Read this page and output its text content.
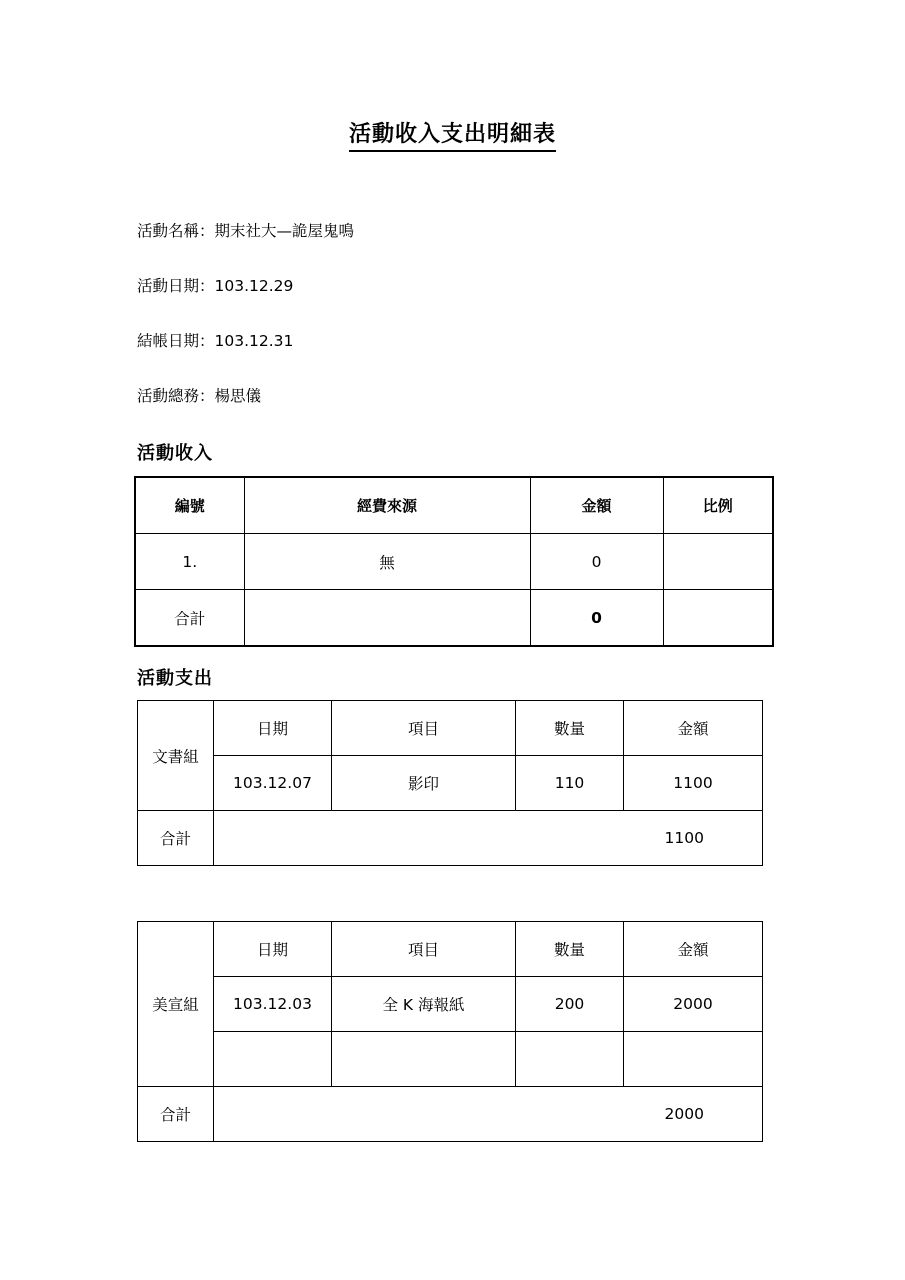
活動收入支出明細表
活動名稱：期末社大—詭屋鬼鳴
活動日期：103.12.29
結帳日期：103.12.31
活動總務：楊思儀
活動收入
編號	經費來源	金額	比例
1.	無	0	
合計		0	
活動支出
文書組	日期	項目	數量	金額
	103.12.07	影印	110	1100
合計	1100			
美宣組	日期	項目	數量	金額
	103.12.03	全 K 海報紙	200	2000

合計	2000			
